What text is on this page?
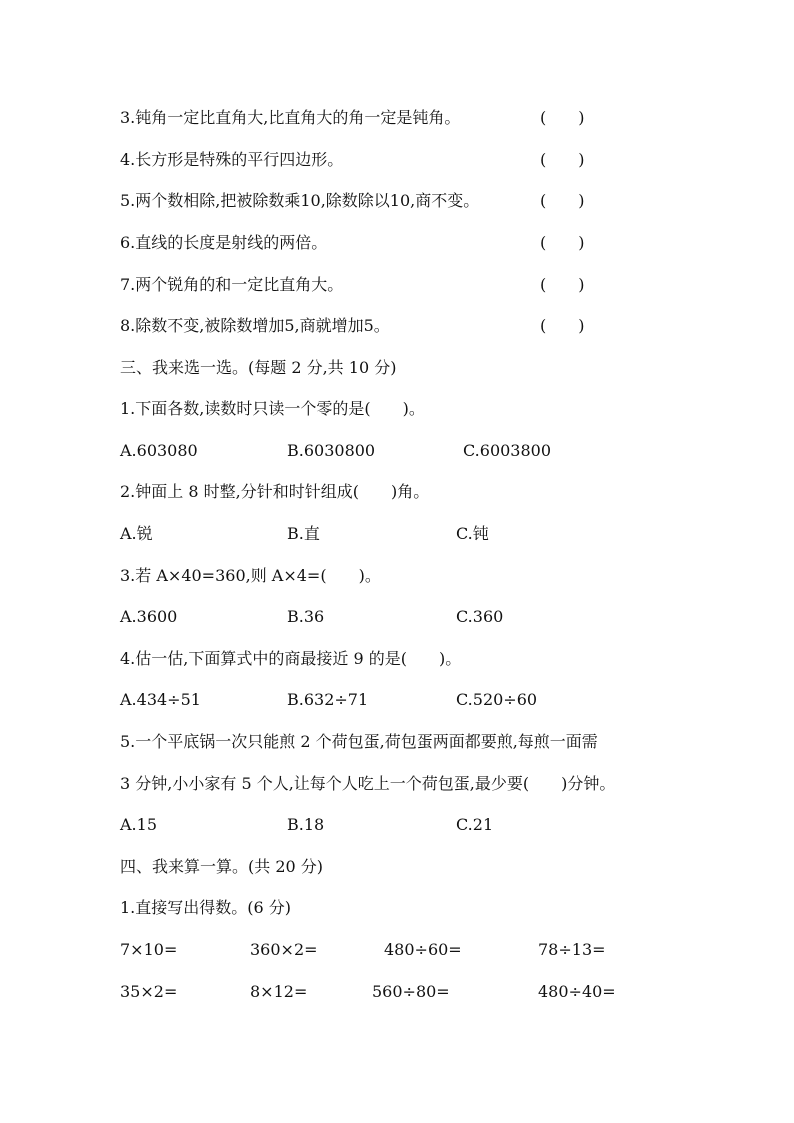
3.钝角一定比直角大,比直角大的角一定是钝角。	(　　)
4.长方形是特殊的平行四边形。	(　　)
5.两个数相除,把被除数乘10,除数除以10,商不变。	(　　)
6.直线的长度是射线的两倍。	(　　)
7.两个锐角的和一定比直角大。	(　　)
8.除数不变,被除数增加5,商就增加5。	(　　)
三、我来选一选。(每题 2 分,共 10 分)
1.下面各数,读数时只读一个零的是(　　)。
A.603080	B.6030800	C.6003800
2.钟面上 8 时整,分针和时针组成(　　)角。
A.锐	B.直	C.钝
3.若 A×40=360,则 A×4=(　　)。
A.3600	B.36	C.360
4.估一估,下面算式中的商最接近 9 的是(　　)。
A.434÷51	B.632÷71	C.520÷60
5.一个平底锅一次只能煎 2 个荷包蛋,荷包蛋两面都要煎,每煎一面需
3 分钟,小小家有 5 个人,让每个人吃上一个荷包蛋,最少要(　　)分钟。
A.15	B.18	C.21
四、我来算一算。(共 20 分)
1.直接写出得数。(6 分)
7×10=	360×2=	480÷60=	78÷13=
35×2=	8×12=	560÷80=	480÷40=
